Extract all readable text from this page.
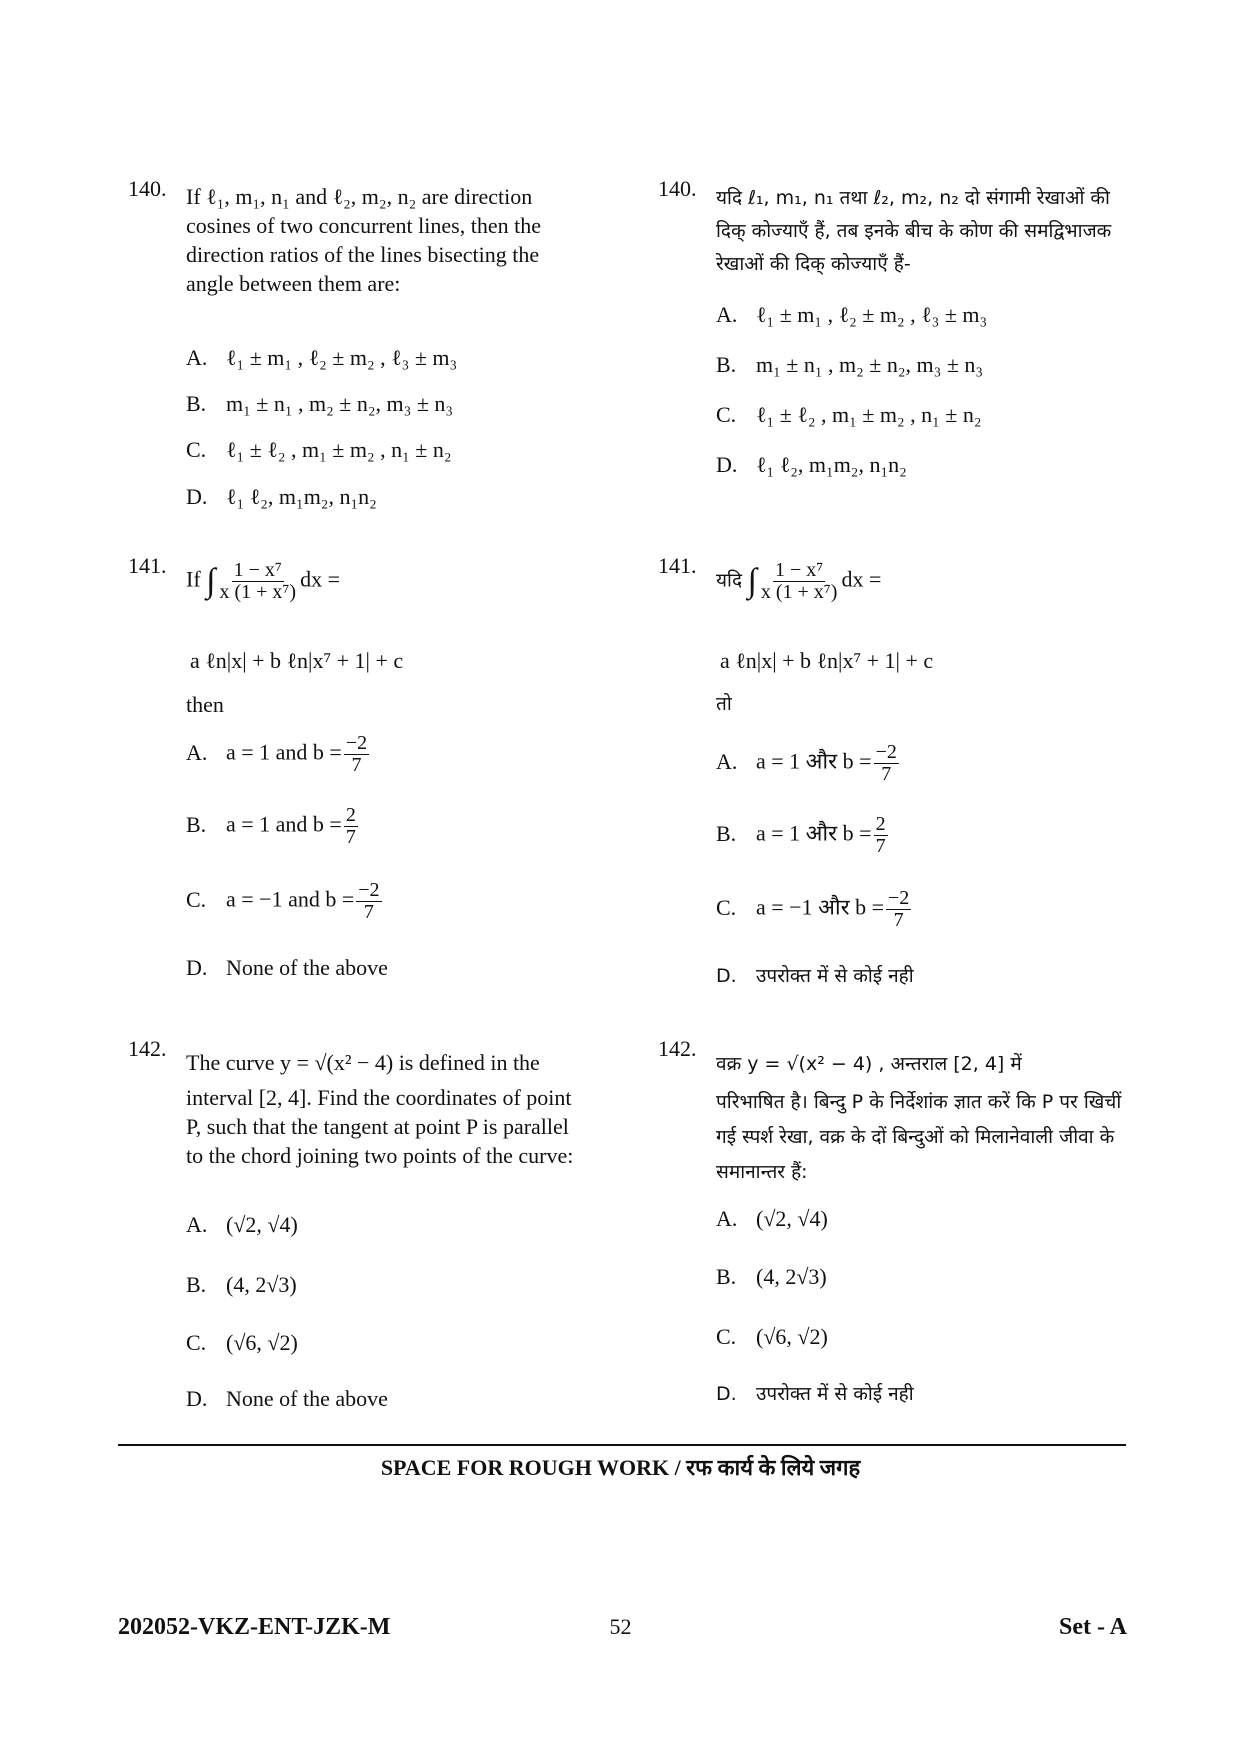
140. If ℓ₁, m₁, n₁ and ℓ₂, m₂, n₂ are direction cosines of two concurrent lines, then the direction ratios of the lines bisecting the angle between them are:
A. ℓ₁ ± m₁ , ℓ₂ ± m₂ , ℓ₃ ± m₃
B. m₁ ± n₁ , m₂ ± n₂, m₃ ± n₃
C. ℓ₁ ± ℓ₂ , m₁ ± m₂ , n₁ ± n₂
D. ℓ₁ ℓ₂, m₁m₂, n₁n₂
140. यदि ℓ₁, m₁, n₁ तथा ℓ₂, m₂, n₂ दो संगामी रेखाओं की दिक् कोज्याएँ हैं, तब इनके बीच के कोण की समद्विभाजक रेखाओं की दिक् कोज्याएँ हैं-
A. ℓ₁ ± m₁ , ℓ₂ ± m₂ , ℓ₃ ± m₃
B. m₁ ± n₁ , m₂ ± n₂, m₃ ± n₃
C. ℓ₁ ± ℓ₂ , m₁ ± m₂ , n₁ ± n₂
D. ℓ₁ ℓ₂, m₁m₂, n₁n₂
141.
If ∫ $\frac{\text{1 − x⁷}}{\text{x (1 + x⁷)}}$ dx =
a ℓn|x| + b ℓn|x⁷ + 1| + c
then
A. a = 1 and $b = \frac{-2}{7}$
B. a = 1 and $b = \frac{2}{7}$
C. a = −1 and $b = \frac{-2}{7}$
D. None of the above
141.
यदि ∫ $\frac{\text{1 − x⁷}}{\text{x (1 + x⁷)}}$ dx =
a ℓn|x| + b ℓn|x⁷ + 1| + c
तो
A. a = 1 और $b = \frac{-2}{7}$
B. a = 1 और $b = \frac{2}{7}$
C. a = −1 और $b = \frac{-2}{7}$
D. उपरोक्त में से कोई नही
142.
The curve y = √(x² − 4) is defined in the
interval [2, 4]. Find the coordinates of point P, such that the tangent at point P is parallel to the chord joining two points of the curve:
A. (√2, √4)
B. (4, 2√3)
C. (√6, √2)
D. None of the above
142.
वक्र y = √(x² − 4) , अन्तराल [2, 4] में
परिभाषित है। बिन्दु P के निर्देशांक ज्ञात करें कि P पर खिचीं गई स्पर्श रेखा, वक्र के दों बिन्दुओं को मिलानेवाली जीवा के समानान्तर हैं:
A. (√2, √4)
B. (4, 2√3)
C. (√6, √2)
D. उपरोक्त में से कोई नही
SPACE FOR ROUGH WORK / रफ कार्य के लिये जगह
202052-VKZ-ENT-JZK-M	52	Set - A
